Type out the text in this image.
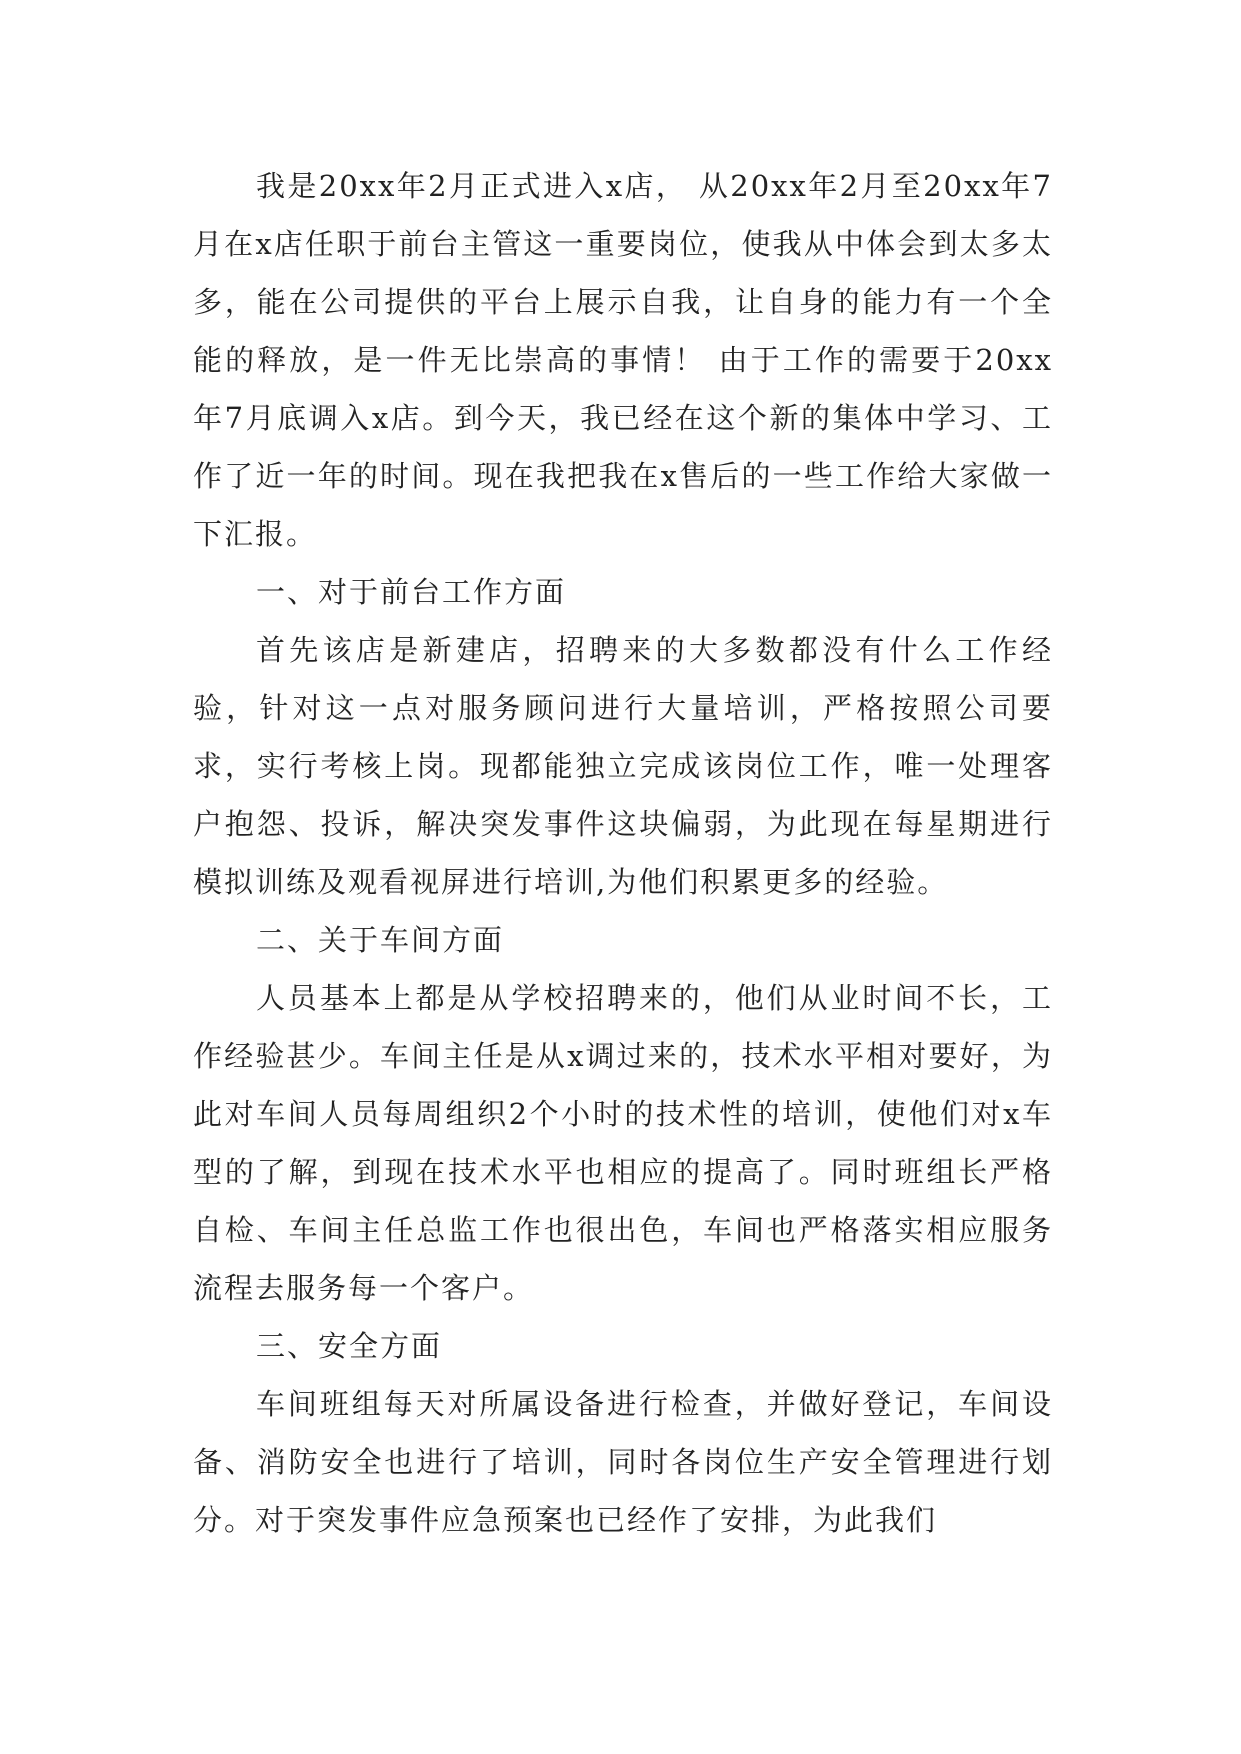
我是20xx年2月正式进入x店， 从20xx年2月至20xx年7月在x店任职于前台主管这一重要岗位，使我从中体会到太多太多，能在公司提供的平台上展示自我，让自身的能力有一个全能的释放，是一件无比崇高的事情！ 由于工作的需要于20xx年7月底调入x店。到今天，我已经在这个新的集体中学习、工作了近一年的时间。现在我把我在x售后的一些工作给大家做一下汇报。

一、对于前台工作方面

首先该店是新建店，招聘来的大多数都没有什么工作经验，针对这一点对服务顾问进行大量培训，严格按照公司要求，实行考核上岗。现都能独立完成该岗位工作，唯一处理客户抱怨、投诉，解决突发事件这块偏弱，为此现在每星期进行模拟训练及观看视屏进行培训,为他们积累更多的经验。

二、关于车间方面

人员基本上都是从学校招聘来的，他们从业时间不长，工作经验甚少。车间主任是从x调过来的，技术水平相对要好，为此对车间人员每周组织2个小时的技术性的培训，使他们对x车型的了解，到现在技术水平也相应的提高了。同时班组长严格自检、车间主任总监工作也很出色，车间也严格落实相应服务流程去服务每一个客户。

三、安全方面

车间班组每天对所属设备进行检查，并做好登记，车间设备、消防安全也进行了培训，同时各岗位生产安全管理进行划分。对于突发事件应急预案也已经作了安排，为此我们
